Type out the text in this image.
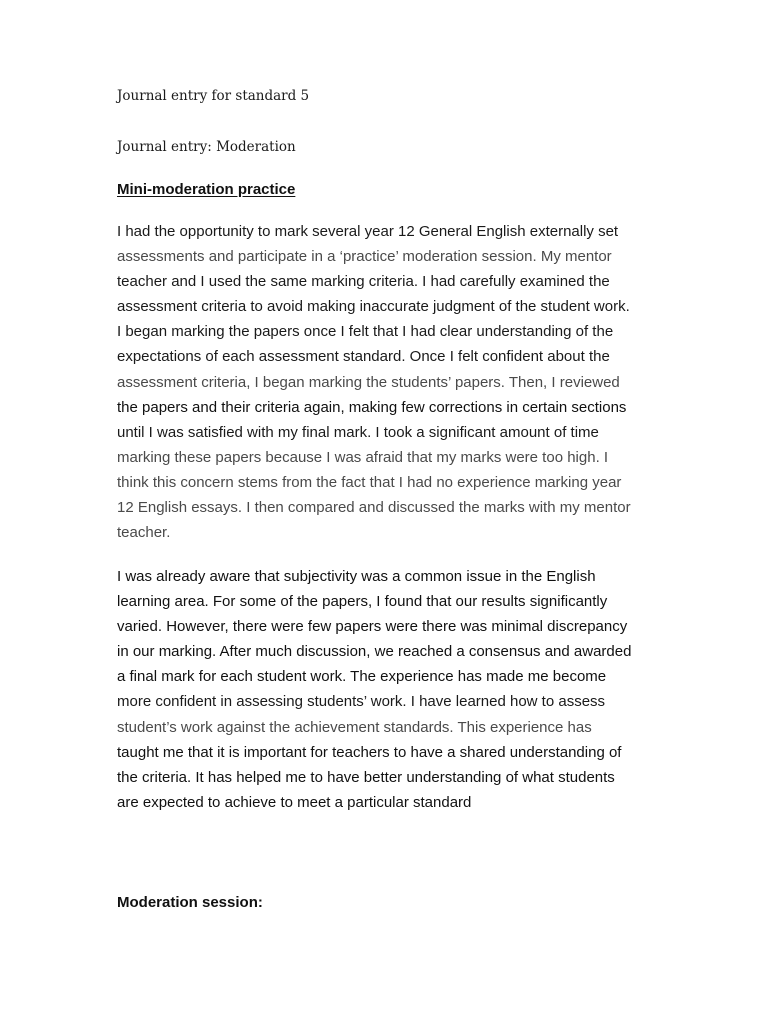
Journal entry for standard 5
Journal entry: Moderation
Mini-moderation practice
I had the opportunity to mark several year 12 General English externally set
assessments and participate in a ‘practice’ moderation session. My mentor
teacher and I used the same marking criteria. I had carefully examined the
assessment criteria to avoid making inaccurate judgment of the student work.
I began marking the papers once I felt that I had clear understanding of the
expectations of each assessment standard. Once I felt confident about the
assessment criteria, I began marking the students’ papers. Then, I reviewed
the papers and their criteria again, making few corrections in certain sections
until I was satisfied with my final mark. I took a significant amount of time
marking these papers because I was afraid that my marks were too high. I
think this concern stems from the fact that I had no experience marking year
12 English essays. I then compared and discussed the marks with my mentor
teacher.
I was already aware that subjectivity was a common issue in the English
learning area. For some of the papers, I found that our results significantly
varied. However, there were few papers were there was minimal discrepancy
in our marking. After much discussion, we reached a consensus and awarded
a final mark for each student work. The experience has made me become
more confident in assessing students’ work. I have learned how to assess
student’s work against the achievement standards. This experience has
taught me that it is important for teachers to have a shared understanding of
the criteria. It has helped me to have better understanding of what students
are expected to achieve to meet a particular standard
Moderation session:
